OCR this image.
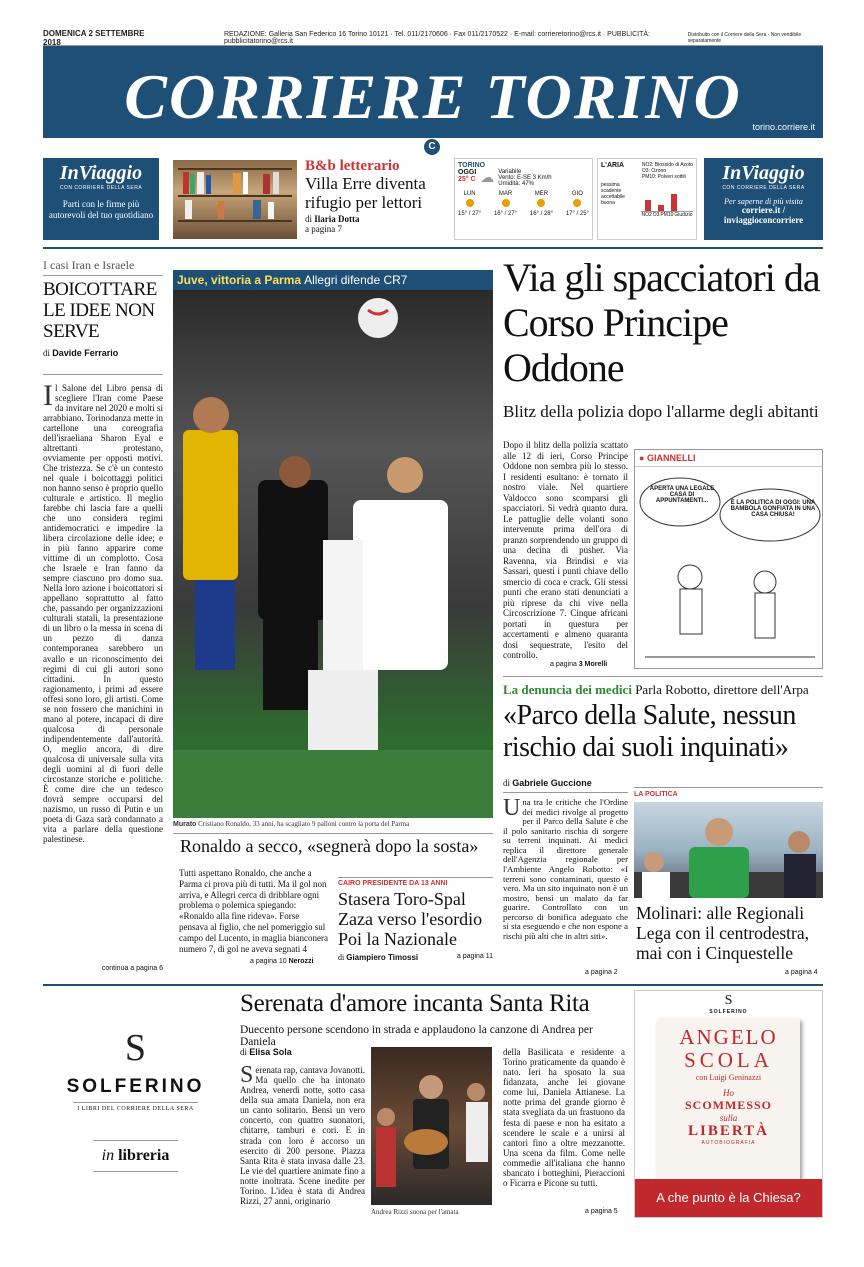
DOMENICA 2 SETTEMBRE 2018
REDAZIONE: Galleria San Federico 16 Torino 10121 · Tel. 011/2170606 · Fax 011/2170522 · E-mail: corrieretorino@rcs.it · PUBBLICITÀ: pubblicitatorino@rcs.it
Distribuito con il Corriere della Sera · Non vendibile separatamente
CORRIERE TORINO	torino.corriere.it
C
InViaggio
CON CORRIERE DELLA SERA
Parti con le firme più autorevoli del tuo quotidiano
B&b letterario
Villa Erre diventa rifugio per lettori
di Ilaria Dotta
a pagina 7
TORINO
OGGI
25° C ☁ Variabile
Vento: E-SE 3 Km/h
Umidità: 47%
LUN
15° / 27°
MAR
16° / 27°
MER
16° / 28°
GIO
17° / 25°
L'ARIA	NO2: Biossido di Azoto
O3: Ozono
PM10: Polveri sottili
pessima
scadente
accettabile
buona
NO2 O3 PM10 Giudizio
InViaggio
CON CORRIERE DELLA SERA
Per saperne di più visita
corriere.it / inviaggioconcorriere
I casi Iran e Israele
BOICOTTARE LE IDEE NON SERVE
di Davide Ferrario
Il Salone del Libro pensa di scegliere l'Iran come Paese da invitare nel 2020 e molti si arrabbiano. Torinodanza mette in cartellone una coreografia dell'israeliana Sharon Eyal e altrettanti protestano, ovviamente per opposti motivi. Che tristezza. Se c'è un contesto nel quale i boicottaggi politici non hanno senso è proprio quello culturale e artistico. Il meglio farebbe chi lascia fare a quelli che uno considera regimi antidemocratici e impedire la libera circolazione delle idee; e in più fanno apparire come vittime di un complotto. Cosa che Israele e Iran fanno da sempre ciascuno pro domo sua. Nella loro azione i boicottatori si appellano soprattutto al fatto che, passando per organizzazioni culturali statali, la presentazione di un libro o la messa in scena di un pezzo di danza contemporanea sarebbero un avallo e un riconoscimento dei regimi di cui gli autori sono cittadini. In questo ragionamento, i primi ad essere offesi sono loro, gli artisti. Come se non fossero che manichini in mano al potere, incapaci di dire qualcosa di personale indipendentemente dall'autorità. O, meglio ancora, di dire qualcosa di universale sulla vita degli uomini al di fuori delle circostanze storiche e politiche. È come dire che un tedesco dovrà sempre occuparsi del nazismo, un russo di Putin e un poeta di Gaza sarà condannato a vita a parlare della questione palestinese.
continua a pagina 6
Juve, vittoria a Parma Allegri difende CR7
Murato Cristiano Ronaldo, 33 anni, ha scagliato 9 palloni contro la porta del Parma
Ronaldo a secco, «segnerà dopo la sosta»
Tutti aspettano Ronaldo, che anche a Parma ci prova più di tutti. Ma il gol non arriva, e Allegri cerca di dribblare ogni problema o polemica spiegando: «Ronaldo alla fine rideva». Forse pensava al figlio, che nel pomeriggio sul campo del Lucento, in maglia bianconera numero 7, di gol ne aveva segnati 4
a pagina 10 Nerozzi
CAIRO PRESIDENTE DA 13 ANNI
Stasera Toro-Spal Zaza verso l'esordio Poi la Nazionale
di Giampiero Timossi	a pagina 11
Via gli spacciatori da Corso Principe Oddone
Blitz della polizia dopo l'allarme degli abitanti
Dopo il blitz della polizia scattato alle 12 di ieri, Corso Principe Oddone non sembra più lo stesso. I residenti esultano: è tornato il nostro viale. Nel quartiere Valdocco sono scomparsi gli spacciatori. Si vedrà quanto dura. Le pattuglie delle volanti sono intervenute prima dell'ora di pranzo sorprendendo un gruppo di una decina di pusher. Via Ravenna, via Brindisi e via Sassari, questi i punti chiave dello smercio di coca e crack. Gli stessi punti che erano stati denunciati a più riprese da chi vive nella Circoscrizione 7. Cinque africani portati in questura per accertamenti e almeno quaranta dosi sequestrate, l'esito del controllo.
a pagina 3 Morelli
● GIANNELLI
APERTA UNA LEGALE CASA DI APPUNTAMENTI...	È LA POLITICA DI OGGI: UNA BAMBOLA GONFIATA IN UNA CASA CHIUSA!
La denuncia dei medici Parla Robotto, direttore dell'Arpa
«Parco della Salute, nessun rischio dai suoli inquinati»
di Gabriele Guccione
Una tra le critiche che l'Ordine dei medici rivolge al progetto per il Parco della Salute è che il polo sanitario rischia di sorgere su terreni inquinati. Ai medici replica il direttore generale dell'Agenzia regionale per l'Ambiente Angelo Robotto: «I terreni sono contaminati, questo è vero. Ma un sito inquinato non è un mostro, bensì un malato da far guarire. Controllato con un percorso di bonifica adeguato che si sta eseguendo e che non espone a rischi più alti che in altri siti».
a pagina 2
LA POLITICA
Molinari: alle Regionali Lega con il centrodestra, mai con i Cinquestelle
a pagina 4
S
SOLFERINO
I LIBRI DEL CORRIERE DELLA SERA
in libreria
Serenata d'amore incanta Santa Rita
Duecento persone scendono in strada e applaudono la canzone di Andrea per Daniela
di Elisa Sola
Serenata rap, cantava Jovanotti. Ma quello che ha intonato Andrea, venerdì notte, sotto casa della sua amata Daniela, non era un canto solitario. Bensì un vero concerto, con quattro suonatori, chitarre, tamburi e cori. E in strada con loro è accorso un esercito di 200 persone. Piazza Santa Rita è stata invasa dalle 23. Le vie del quartiere animate fino a notte inoltrata. Scene inedite per Torino. L'idea è stata di Andrea Rizzi, 27 anni, originario
Andrea Rizzi suona per l'amata
della Basilicata e residente a Torino praticamente da quando è nato. Ieri ha sposato la sua fidanzata, anche lei giovane come lui, Daniela Attianese. La notte prima del grande giorno è stata svegliata da un frastuono da festa di paese e non ha esitato a scendere le scale e a unirsi al cantori fino a oltre mezzanotte. Una scena da film. Come nelle commedie all'italiana che hanno sbancato i botteghini, Pieraccioni o Ficarra e Picone su tutti.
a pagina 5
S
SOLFERINO
ANGELO
SCOLA
con Luigi Geninazzi
Ho
SCOMMESSO
sulla
LIBERTÀ
AUTOBIOGRAFIA
A che punto è la Chiesa?
